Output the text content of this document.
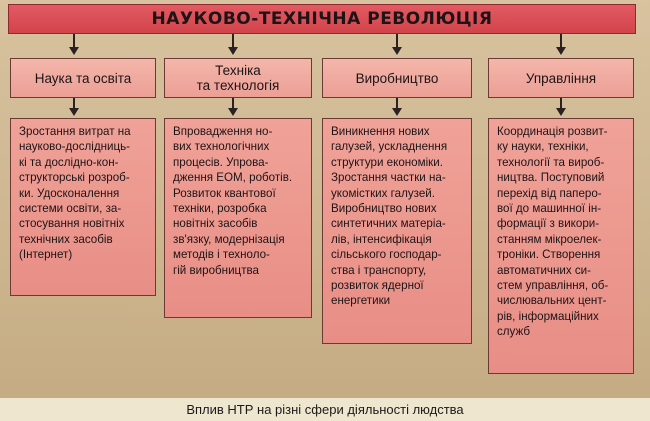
НАУКОВО-ТЕХНІЧНА РЕВОЛЮЦІЯ
Наука та освіта	Техніка
та технологія	Виробництво	Управління
Зростання витрат на
науково-дослідниць-
кі та дослідно-кон-
структорські розроб-
ки. Удосконалення
системи освіти, за-
стосування новітніх
технічних засобів
(Інтернет)
Впровадження но-
вих технологічних
процесів. Упрова-
дження ЕОМ, роботів.
Розвиток квантової
техніки, розробка
новітніх засобів
зв'язку, модернізація
методів і техноло-
гій виробництва
Виникнення нових
галузей, ускладнення
структури економіки.
Зростання частки на-
укомістких галузей.
Виробництво нових
синтетичних матеріа-
лів, інтенсифікація
сільського господар-
ства і транспорту,
розвиток ядерної
енергетики
Координація розвит-
ку науки, техніки,
технології та вироб-
ництва. Поступовий
перехід від паперо-
вої до машинної ін-
формації з викори-
станням мікроелек-
троніки. Створення
автоматичних си-
стем управління, об-
числювальних цент-
рів, інформаційних
служб
Вплив НТР на різні сфери діяльності людства
